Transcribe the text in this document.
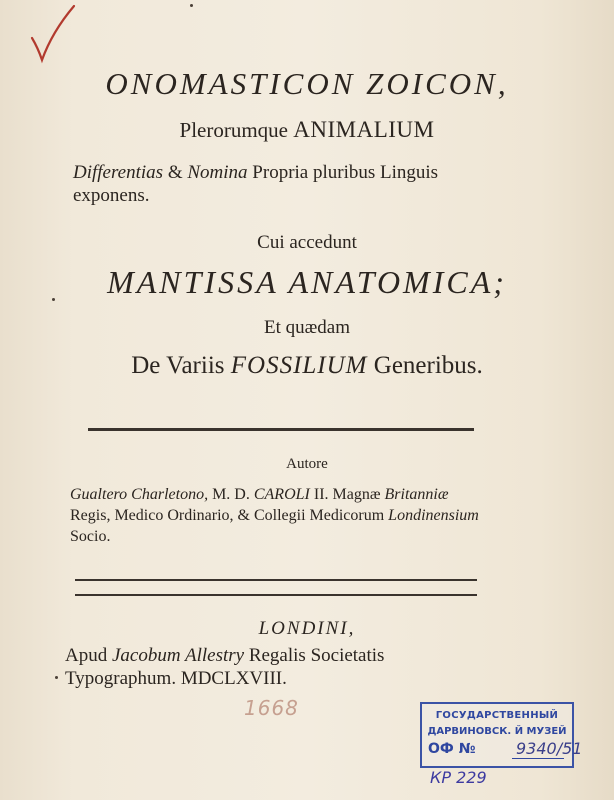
ONOMASTICON ZOICON,
Plerorumque ANIMALIUM
Differentias & Nomina Propria pluribus Linguis exponens.
Cui accedunt
MANTISSA ANATOMICA;
Et quædam
De Variis FOSSILIUM Generibus.
Autore
Gualtero Charletono, M. D. CAROLI II. Magnæ Britanniæ Regis, Medico Ordinario, & Collegii Medicorum Londinensium Socio.
LONDINI,
Apud Jacobum Allestry Regalis Societatis Typographum. MDCLXVIII.
1668	ГОСУДАРСТВЕННЫЙ
ДАРВИНОВСК. Й МУЗЕЙ
ОФ №	9340/51
КР 229
